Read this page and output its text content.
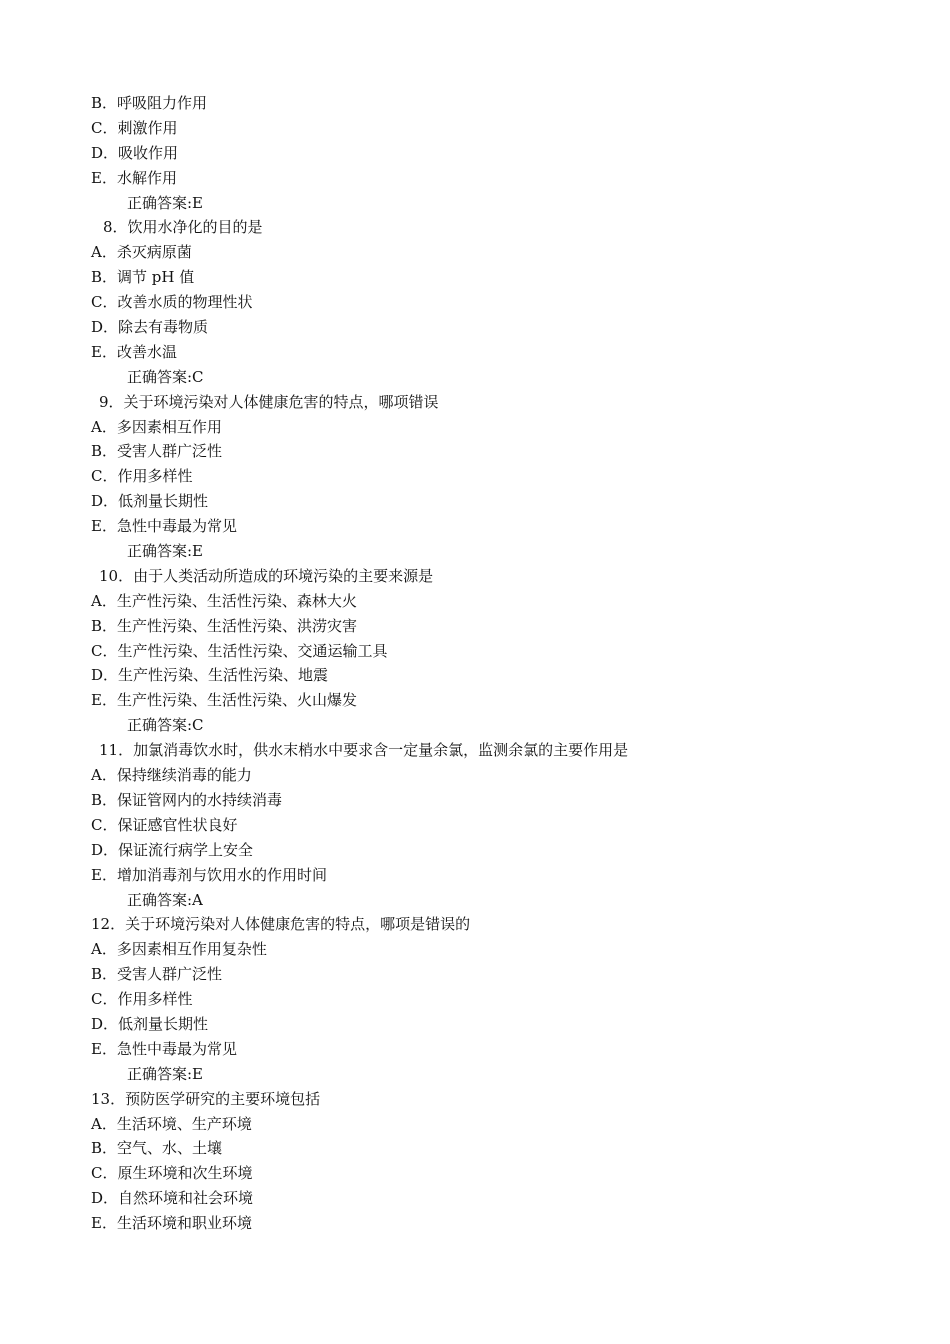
B．呼吸阻力作用
C．刺激作用
D．吸收作用
E．水解作用
正确答案:E
8．饮用水净化的目的是
A．杀灭病原菌
B．调节 pH 值
C．改善水质的物理性状
D．除去有毒物质
E．改善水温
正确答案:C
9．关于环境污染对人体健康危害的特点，哪项错误
A．多因素相互作用
B．受害人群广泛性
C．作用多样性
D．低剂量长期性
E．急性中毒最为常见
正确答案:E
10．由于人类活动所造成的环境污染的主要来源是
A．生产性污染、生活性污染、森林大火
B．生产性污染、生活性污染、洪涝灾害
C．生产性污染、生活性污染、交通运输工具
D．生产性污染、生活性污染、地震
E．生产性污染、生活性污染、火山爆发
正确答案:C
11．加氯消毒饮水时，供水末梢水中要求含一定量余氯，监测余氯的主要作用是
A．保持继续消毒的能力
B．保证管网内的水持续消毒
C．保证感官性状良好
D．保证流行病学上安全
E．增加消毒剂与饮用水的作用时间
正确答案:A
12．关于环境污染对人体健康危害的特点，哪项是错误的
A．多因素相互作用复杂性
B．受害人群广泛性
C．作用多样性
D．低剂量长期性
E．急性中毒最为常见
正确答案:E
13．预防医学研究的主要环境包括
A．生活环境、生产环境
B．空气、水、土壤
C．原生环境和次生环境
D．自然环境和社会环境
E．生活环境和职业环境
